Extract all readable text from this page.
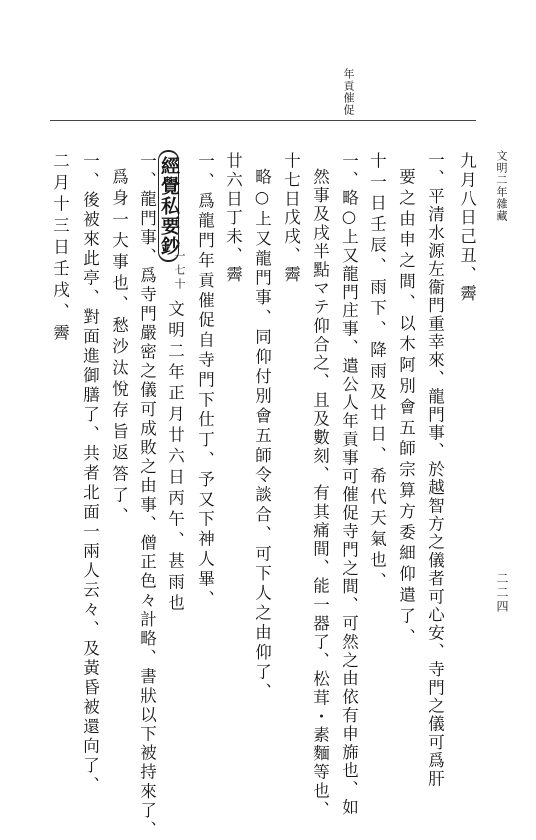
文明二年雜藏
二二四
年貢催促
九月八日己丑、霽
一、平清水源左衞門重幸來、龍門事、於越智方之儀者可心安、寺門之儀可爲肝
要之由申之間、以木阿別會五師宗算方委細仰遣了、
十一日壬辰、雨下、降雨及廿日、希代天氣也、
一、略○上又龍門庄事、遣公人年貢事可催促寺門之間、可然之由依有申旆也、如
然事及戌半點マテ仰合之、且及數刻、有其痛間、能一器了、松茸・素麵等也、
十七日戊戌、霽
略○上又龍門事、同仰付別會五師令談合、可下人之由仰了、
廿六日丁未、霽
一、爲龍門年貢催促自寺門下仕丁、予又下神人畢、
經覺私要鈔
一七十
文明二年正月廿六日丙午、甚雨也
一、龍門事、爲寺門嚴密之儀可成敗之由事、僧正色々計略、書狀以下被持來了、
爲身一大事也、愁沙汰悅存旨返答了、
一、後被來此亭、對面進御膳了、共者北面一兩人云々、及黃昏被還向了、
二月十三日壬戌、霽
